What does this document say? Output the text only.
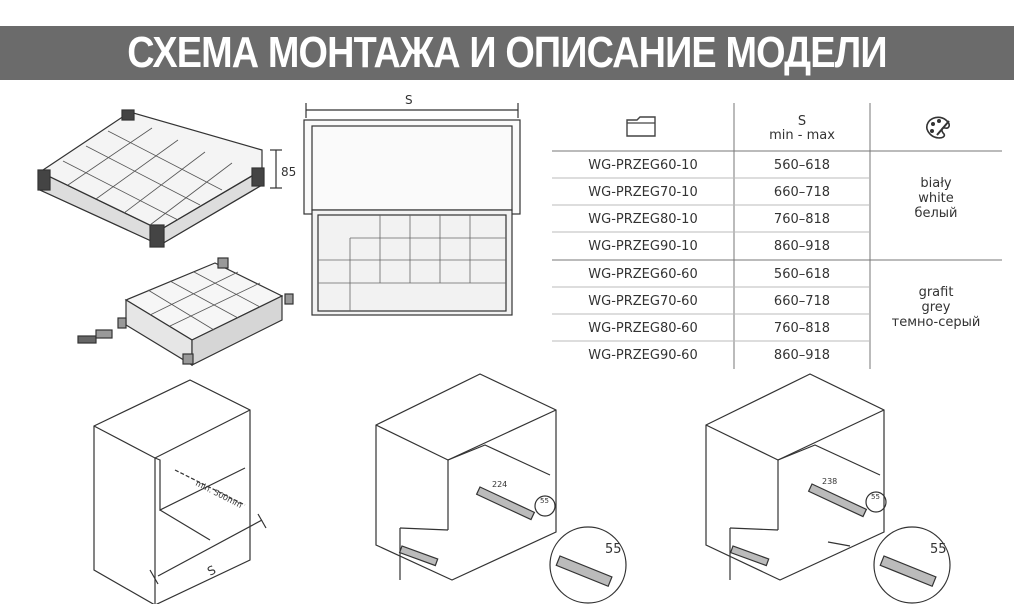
СХЕМА МОНТАЖА И ОПИСАНИЕ МОДЕЛИ
85
S
min. 500mm
S
224
55
55
238
55
55
S
min - max
WG-PRZEG60-10	560–618
WG-PRZEG70-10	660–718
WG-PRZEG80-10	760–818
WG-PRZEG90-10	860–918
WG-PRZEG60-60	560–618
WG-PRZEG70-60	660–718
WG-PRZEG80-60	760–818
WG-PRZEG90-60	860–918
biały
white
белый
grafit
grey
темно-серый
